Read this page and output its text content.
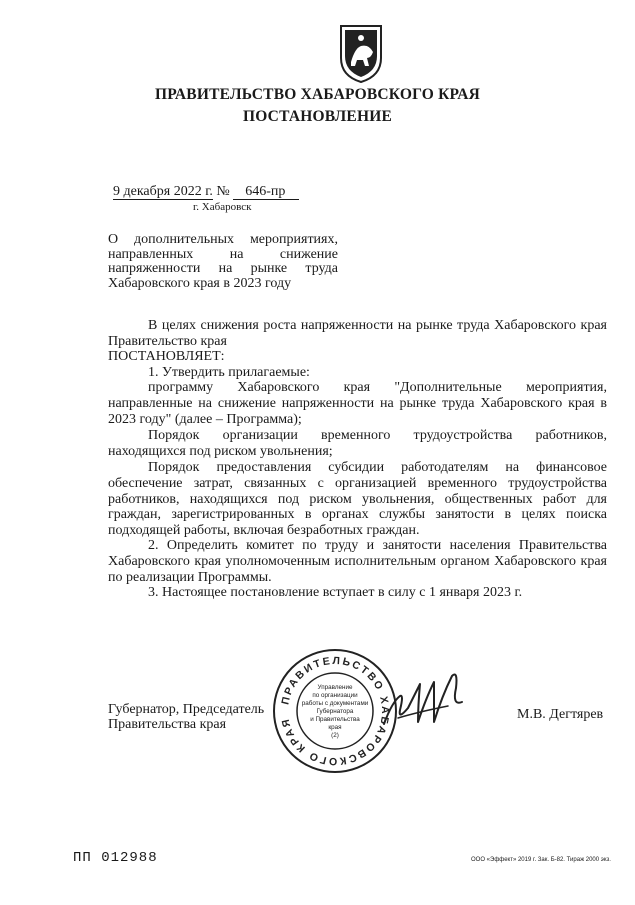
ПРАВИТЕЛЬСТВО ХАБАРОВСКОГО КРАЯ
ПОСТАНОВЛЕНИЕ
9 декабря 2022 г. № 646-пр
г. Хабаровск
О дополнительных мероприятиях, направленных на снижение напряженности на рынке труда Хабаровского края в 2023 году

В целях снижения роста напряженности на рынке труда Хабаровского края Правительство края

ПОСТАНОВЛЯЕТ:

1. Утвердить прилагаемые:

программу Хабаровского края "Дополнительные мероприятия, направленные на снижение напряженности на рынке труда Хабаровского края в 2023 году" (далее – Программа);

Порядок организации временного трудоустройства работников, находящихся под риском увольнения;

Порядок предоставления субсидии работодателям на финансовое обеспечение затрат, связанных с организацией временного трудоустройства работников, находящихся под риском увольнения, общественных работ для граждан, зарегистрированных в органах службы занятости в целях поиска подходящей работы, включая безработных граждан.

2. Определить комитет по труду и занятости населения Правительства Хабаровского края уполномоченным исполнительным органом Хабаровского края по реализации Программы.

3. Настоящее постановление вступает в силу с 1 января 2023 г.

ПРАВИТЕЛЬСТВО ХАБАРОВСКОГО КРАЯ
Управление
по организации
работы с документами
Губернатора
и Правительства
края
(2)
Губернатор, Председатель
Правительства края
М.В. Дегтярев
ПП 012988	ООО «Эффект» 2019 г. Зак. Б-82. Тираж 2000 экз.
